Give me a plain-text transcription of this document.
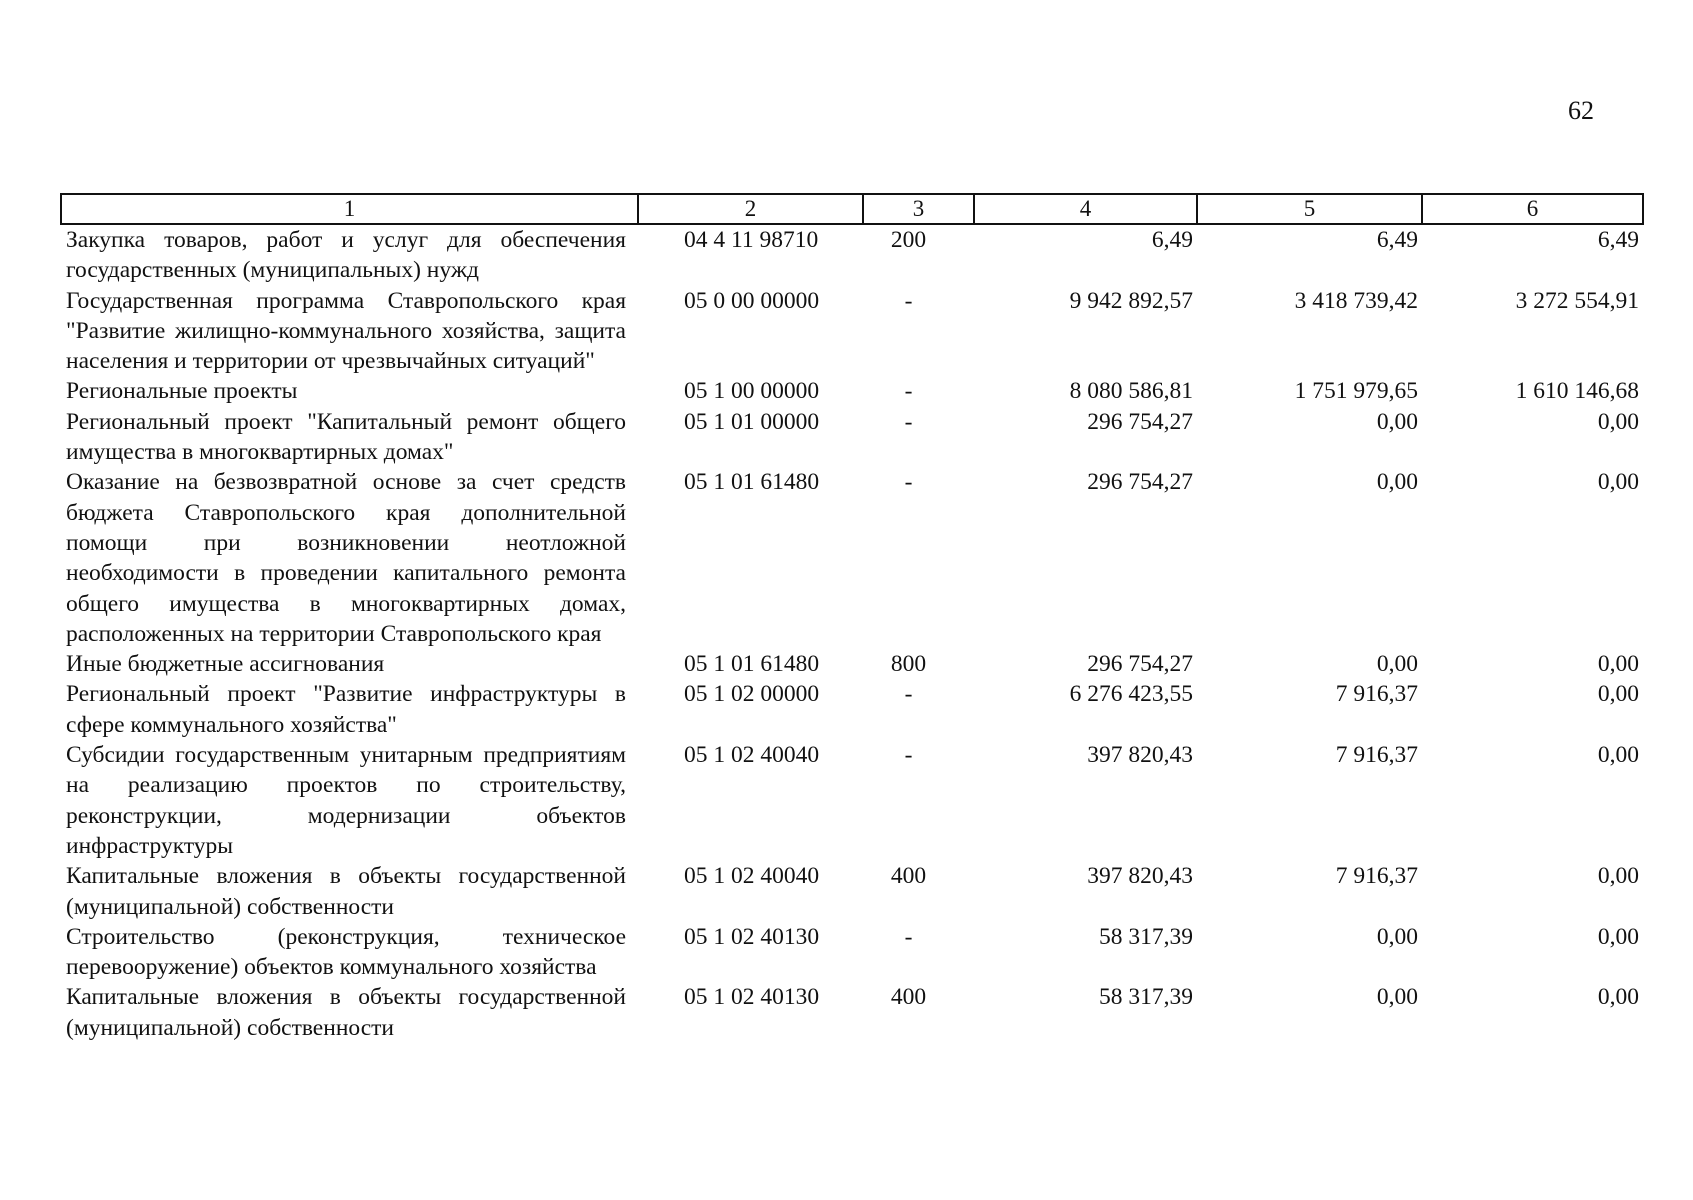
62
1	2	3	4	5	6
Закупка товаров, работ и услуг для обеспечения государственных (муниципальных) нужд	04 4 11 98710	200	6,49	6,49	6,49
Государственная программа Ставропольского края "Развитие жилищно-коммунального хозяйства, защита населения и территории от чрезвычайных ситуаций"	05 0 00 00000	-	9 942 892,57	3 418 739,42	3 272 554,91
Региональные проекты	05 1 00 00000	-	8 080 586,81	1 751 979,65	1 610 146,68
Региональный проект "Капитальный ремонт общего имущества в многоквартирных домах"	05 1 01 00000	-	296 754,27	0,00	0,00
Оказание на безвозвратной основе за счет средств бюджета Ставропольского края дополнительной помощи при возникновении неотложной необходимости в проведении капитального ремонта общего имущества в многоквартирных домах, расположенных на территории Ставропольского края	05 1 01 61480	-	296 754,27	0,00	0,00
Иные бюджетные ассигнования	05 1 01 61480	800	296 754,27	0,00	0,00
Региональный проект "Развитие инфраструктуры в сфере коммунального хозяйства"	05 1 02 00000	-	6 276 423,55	7 916,37	0,00
Субсидии государственным унитарным предприятиям на реализацию проектов по строительству, реконструкции, модернизации объектов инфраструктуры	05 1 02 40040	-	397 820,43	7 916,37	0,00
Капитальные вложения в объекты государственной (муниципальной) собственности	05 1 02 40040	400	397 820,43	7 916,37	0,00
Строительство (реконструкция, техническое перевооружение) объектов коммунального хозяйства	05 1 02 40130	-	58 317,39	0,00	0,00
Капитальные вложения в объекты государственной (муниципальной) собственности	05 1 02 40130	400	58 317,39	0,00	0,00
